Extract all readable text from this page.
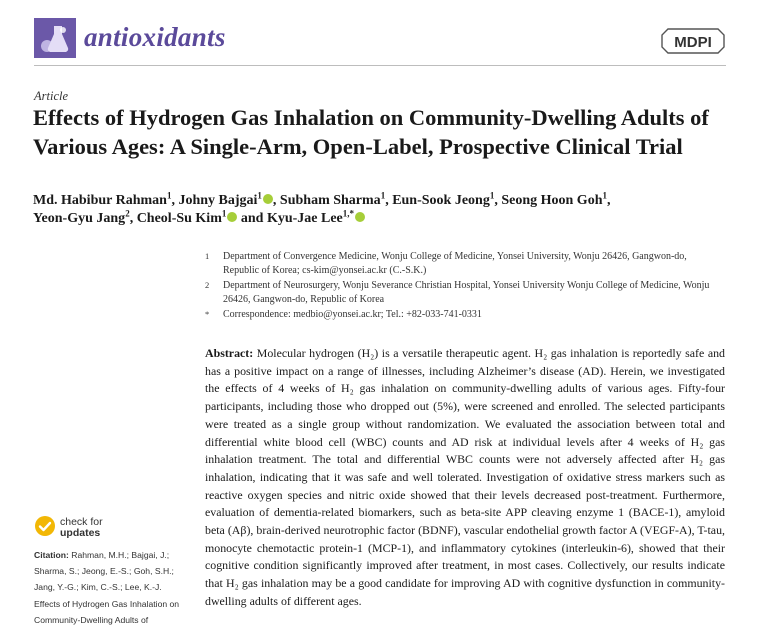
antioxidants	MDPI
Article
Effects of Hydrogen Gas Inhalation on Community-Dwelling Adults of Various Ages: A Single-Arm, Open-Label, Prospective Clinical Trial

Md. Habibur Rahman$^1$, Johny Bajgai$^1$ , Subham Sharma$^1$, Eun-Sook Jeong$^1$, Seong Hoon Goh$^1$,
Yeon-Gyu Jang$^2$, Cheol-Su Kim$^1$ and Kyu-Jae Lee$^{1,*}$

1 Department of Convergence Medicine, Wonju College of Medicine, Yonsei University, Wonju 26426, Gangwon-do, Republic of Korea; cs-kim@yonsei.ac.kr (C.-S.K.)
2 Department of Neurosurgery, Wonju Severance Christian Hospital, Yonsei University Wonju College of Medicine, Wonju 26426, Gangwon-do, Republic of Korea
* Correspondence: medbio@yonsei.ac.kr; Tel.: +82-033-741-0331

Abstract: Molecular hydrogen (H₂) is a versatile therapeutic agent. H₂ gas inhalation is reportedly safe and has a positive impact on a range of illnesses, including Alzheimer’s disease (AD). Herein, we investigated the effects of 4 weeks of H₂ gas inhalation on community-dwelling adults of various ages. Fifty-four participants, including those who dropped out (5%), were screened and enrolled. The selected participants were treated as a single group without randomization. We evaluated the association between total and differential white blood cell (WBC) counts and AD risk at individual levels after 4 weeks of H₂ gas inhalation treatment. The total and differential WBC counts were not adversely affected after H₂ gas inhalation, indicating that it was safe and well tolerated. Investigation of oxidative stress markers such as reactive oxygen species and nitric oxide showed that their levels decreased post-treatment. Furthermore, evaluation of dementia-related biomarkers, such as beta-site APP cleaving enzyme 1 (BACE-1), amyloid beta (Aβ), brain-derived neurotrophic factor (BDNF), vascular endothelial growth factor A (VEGF-A), T-tau, monocyte chemotactic protein-1 (MCP-1), and inflammatory cytokines (interleukin-6), showed that their cognitive condition significantly improved after treatment, in most cases. Collectively, our results indicate that H₂ gas inhalation may be a good candidate for improving AD with cognitive dysfunction in community-dwelling adults of different ages.

check for
updates
Citation: Rahman, M.H.; Bajgai, J.; Sharma, S.; Jeong, E.-S.; Goh, S.H.; Jang, Y.-G.; Kim, C.-S.; Lee, K.-J. Effects of Hydrogen Gas Inhalation on Community-Dwelling Adults of
